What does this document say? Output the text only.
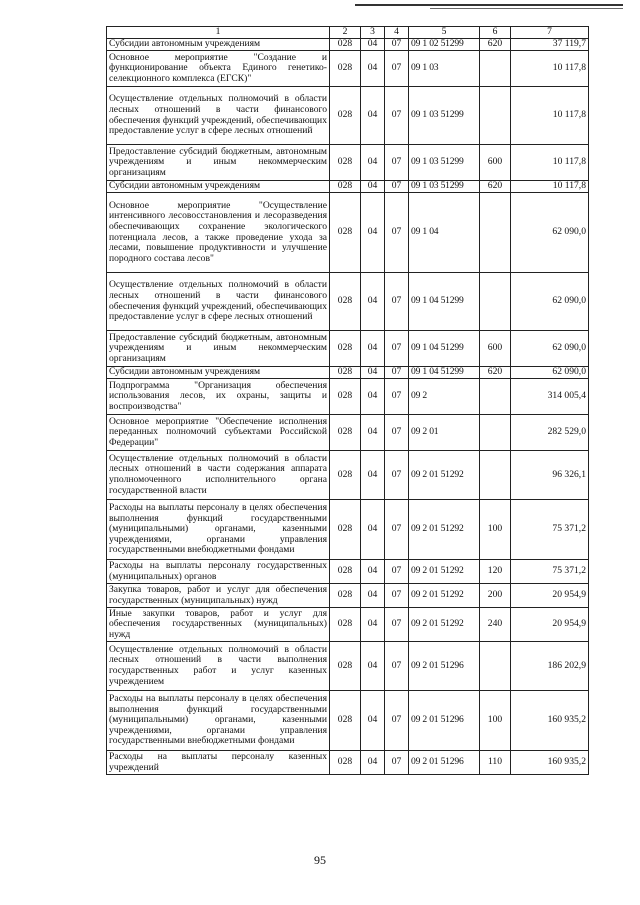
1	2	3	4	5	6	7
Субсидии автономным учреждениям	028	04	07	09 1 02 51299	620	37 119,7
Основное мероприятие "Создание и функционирование объекта Единого генетико-селекционного комплекса (ЕГСК)"	028	04	07	09 1 03		10 117,8
Осуществление отдельных полномочий в области лесных отношений в части финансового обеспечения функций учреждений, обеспечивающих предоставление услуг в сфере лесных отношений	028	04	07	09 1 03 51299		10 117,8
Предоставление субсидий бюджетным, автономным учреждениям и иным некоммерческим организациям	028	04	07	09 1 03 51299	600	10 117,8
Субсидии автономным учреждениям	028	04	07	09 1 03 51299	620	10 117,8
Основное мероприятие "Осуществление интенсивного лесовосстановления и лесоразведения обеспечивающих сохранение экологического потенциала лесов, а также проведение ухода за лесами, повышение продуктивности и улучшение породного состава лесов"	028	04	07	09 1 04		62 090,0
Осуществление отдельных полномочий в области лесных отношений в части финансового обеспечения функций учреждений, обеспечивающих предоставление услуг в сфере лесных отношений	028	04	07	09 1 04 51299		62 090,0
Предоставление субсидий бюджетным, автономным учреждениям и иным некоммерческим организациям	028	04	07	09 1 04 51299	600	62 090,0
Субсидии автономным учреждениям	028	04	07	09 1 04 51299	620	62 090,0
Подпрограмма "Организация обеспечения использования лесов, их охраны, защиты и воспроизводства"	028	04	07	09 2		314 005,4
Основное мероприятие "Обеспечение исполнения переданных полномочий субъектами Российской Федерации"	028	04	07	09 2 01		282 529,0
Осуществление отдельных полномочий в области лесных отношений в части содержания аппарата уполномоченного исполнительного органа государственной власти	028	04	07	09 2 01 51292		96 326,1
Расходы на выплаты персоналу в целях обеспечения выполнения функций государственными (муниципальными) органами, казенными учреждениями, органами управления государственными внебюджетными фондами	028	04	07	09 2 01 51292	100	75 371,2
Расходы на выплаты персоналу государственных (муниципальных) органов	028	04	07	09 2 01 51292	120	75 371,2
Закупка товаров, работ и услуг для обеспечения государственных (муниципальных) нужд	028	04	07	09 2 01 51292	200	20 954,9
Иные закупки товаров, работ и услуг для обеспечения государственных (муниципальных) нужд	028	04	07	09 2 01 51292	240	20 954,9
Осуществление отдельных полномочий в области лесных отношений в части выполнения государственных работ и услуг казенных учреждением	028	04	07	09 2 01 51296		186 202,9
Расходы на выплаты персоналу в целях обеспечения выполнения функций государственными (муниципальными) органами, казенными учреждениями, органами управления государственными внебюджетными фондами	028	04	07	09 2 01 51296	100	160 935,2
Расходы на выплаты персоналу казенных учреждений	028	04	07	09 2 01 51296	110	160 935,2
95
